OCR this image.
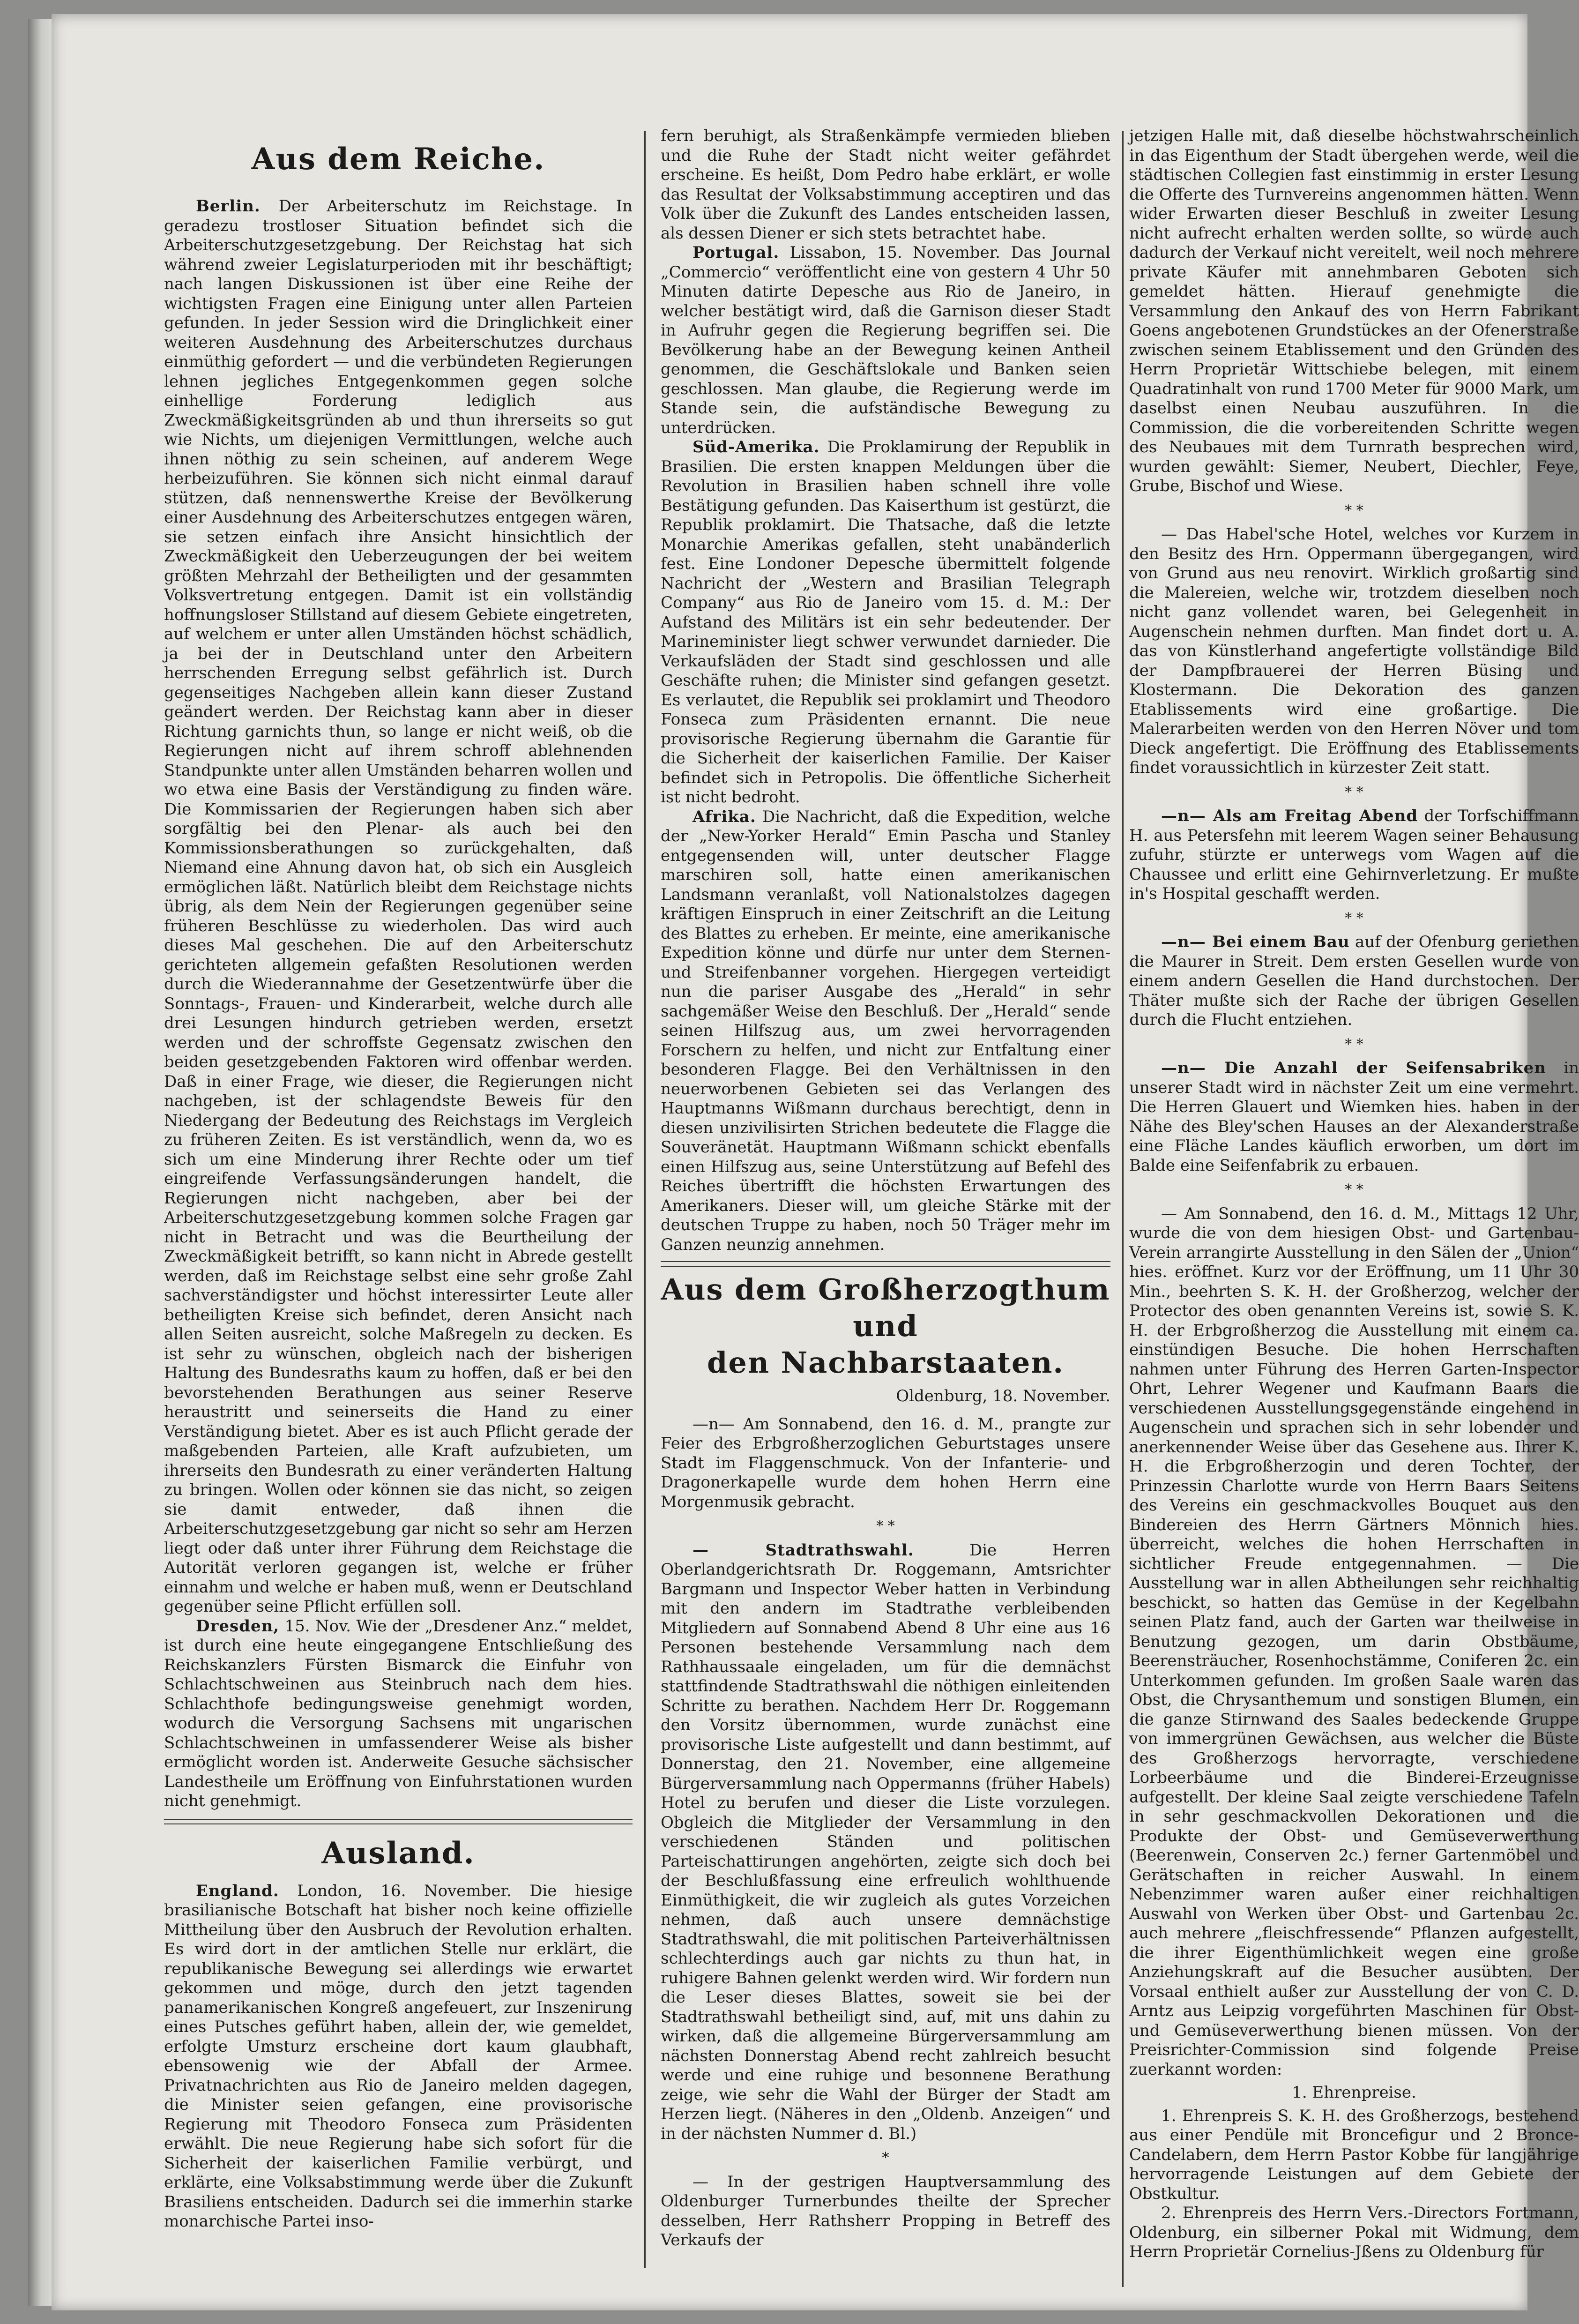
Aus dem Reiche.

Berlin. Der Arbeiterschutz im Reichstage. In geradezu trostloser Situation befindet sich die Arbeiterschutzgesetzgebung. Der Reichstag hat sich während zweier Legislaturperioden mit ihr beschäftigt; nach langen Diskussionen ist über eine Reihe der wichtigsten Fragen eine Einigung unter allen Parteien gefunden. In jeder Session wird die Dringlichkeit einer weiteren Ausdehnung des Arbeiterschutzes durchaus einmüthig gefordert — und die verbündeten Regierungen lehnen jegliches Entgegenkommen gegen solche einhellige Forderung lediglich aus Zweckmäßigkeitsgründen ab und thun ihrerseits so gut wie Nichts, um diejenigen Vermittlungen, welche auch ihnen nöthig zu sein scheinen, auf anderem Wege herbeizuführen. Sie können sich nicht einmal darauf stützen, daß nennenswerthe Kreise der Bevölkerung einer Ausdehnung des Arbeiterschutzes entgegen wären, sie setzen einfach ihre Ansicht hinsichtlich der Zweckmäßigkeit den Ueberzeugungen der bei weitem größten Mehrzahl der Betheiligten und der gesammten Volksvertretung entgegen. Damit ist ein vollständig hoffnungsloser Stillstand auf diesem Gebiete eingetreten, auf welchem er unter allen Umständen höchst schädlich, ja bei der in Deutschland unter den Arbeitern herrschenden Erregung selbst gefährlich ist. Durch gegenseitiges Nachgeben allein kann dieser Zustand geändert werden. Der Reichstag kann aber in dieser Richtung garnichts thun, so lange er nicht weiß, ob die Regierungen nicht auf ihrem schroff ablehnenden Standpunkte unter allen Umständen beharren wollen und wo etwa eine Basis der Verständigung zu finden wäre. Die Kommissarien der Regierungen haben sich aber sorgfältig bei den Plenar- als auch bei den Kommissionsberathungen so zurückgehalten, daß Niemand eine Ahnung davon hat, ob sich ein Ausgleich ermöglichen läßt. Natürlich bleibt dem Reichstage nichts übrig, als dem Nein der Regierungen gegenüber seine früheren Beschlüsse zu wiederholen. Das wird auch dieses Mal geschehen. Die auf den Arbeiterschutz gerichteten allgemein gefaßten Resolutionen werden durch die Wiederannahme der Gesetzentwürfe über die Sonntags-, Frauen- und Kinderarbeit, welche durch alle drei Lesungen hindurch getrieben werden, ersetzt werden und der schroffste Gegensatz zwischen den beiden gesetzgebenden Faktoren wird offenbar werden. Daß in einer Frage, wie dieser, die Regierungen nicht nachgeben, ist der schlagendste Beweis für den Niedergang der Bedeutung des Reichstags im Vergleich zu früheren Zeiten. Es ist verständlich, wenn da, wo es sich um eine Minderung ihrer Rechte oder um tief eingreifende Verfassungsänderungen handelt, die Regierungen nicht nachgeben, aber bei der Arbeiterschutzgesetzgebung kommen solche Fragen gar nicht in Betracht und was die Beurtheilung der Zweckmäßigkeit betrifft, so kann nicht in Abrede gestellt werden, daß im Reichstage selbst eine sehr große Zahl sachverständigster und höchst interessirter Leute aller betheiligten Kreise sich befindet, deren Ansicht nach allen Seiten ausreicht, solche Maßregeln zu decken. Es ist sehr zu wünschen, obgleich nach der bisherigen Haltung des Bundesraths kaum zu hoffen, daß er bei den bevorstehenden Berathungen aus seiner Reserve heraustritt und seinerseits die Hand zu einer Verständigung bietet. Aber es ist auch Pflicht gerade der maßgebenden Parteien, alle Kraft aufzubieten, um ihrerseits den Bundesrath zu einer veränderten Haltung zu bringen. Wollen oder können sie das nicht, so zeigen sie damit entweder, daß ihnen die Arbeiterschutzgesetzgebung gar nicht so sehr am Herzen liegt oder daß unter ihrer Führung dem Reichstage die Autorität verloren gegangen ist, welche er früher einnahm und welche er haben muß, wenn er Deutschland gegenüber seine Pflicht erfüllen soll.

Dresden, 15. Nov. Wie der „Dresdener Anz.“ meldet, ist durch eine heute eingegangene Entschließung des Reichskanzlers Fürsten Bismarck die Einfuhr von Schlachtschweinen aus Steinbruch nach dem hies. Schlachthofe bedingungsweise genehmigt worden, wodurch die Versorgung Sachsens mit ungarischen Schlachtschweinen in umfassenderer Weise als bisher ermöglicht worden ist. Anderweite Gesuche sächsischer Landestheile um Eröffnung von Einfuhrstationen wurden nicht genehmigt.

Ausland.

England. London, 16. November. Die hiesige brasilianische Botschaft hat bisher noch keine offizielle Mittheilung über den Ausbruch der Revolution erhalten. Es wird dort in der amtlichen Stelle nur erklärt, die republikanische Bewegung sei allerdings wie erwartet gekommen und möge, durch den jetzt tagenden panamerikanischen Kongreß angefeuert, zur Inszenirung eines Putsches geführt haben, allein der, wie gemeldet, erfolgte Umsturz erscheine dort kaum glaubhaft, ebensowenig wie der Abfall der Armee. Privatnachrichten aus Rio de Janeiro melden dagegen, die Minister seien gefangen, eine provisorische Regierung mit Theodoro Fonseca zum Präsidenten erwählt. Die neue Regierung habe sich sofort für die Sicherheit der kaiserlichen Familie verbürgt, und erklärte, eine Volksabstimmung werde über die Zukunft Brasiliens entscheiden. Dadurch sei die immerhin starke monarchische Partei inso-

fern beruhigt, als Straßenkämpfe vermieden blieben und die Ruhe der Stadt nicht weiter gefährdet erscheine. Es heißt, Dom Pedro habe erklärt, er wolle das Resultat der Volksabstimmung acceptiren und das Volk über die Zukunft des Landes entscheiden lassen, als dessen Diener er sich stets betrachtet habe.

Portugal. Lissabon, 15. November. Das Journal „Commercio“ veröffentlicht eine von gestern 4 Uhr 50 Minuten datirte Depesche aus Rio de Janeiro, in welcher bestätigt wird, daß die Garnison dieser Stadt in Aufruhr gegen die Regierung begriffen sei. Die Bevölkerung habe an der Bewegung keinen Antheil genommen, die Geschäftslokale und Banken seien geschlossen. Man glaube, die Regierung werde im Stande sein, die aufständische Bewegung zu unterdrücken.

Süd-Amerika. Die Proklamirung der Republik in Brasilien. Die ersten knappen Meldungen über die Revolution in Brasilien haben schnell ihre volle Bestätigung gefunden. Das Kaiserthum ist gestürzt, die Republik proklamirt. Die Thatsache, daß die letzte Monarchie Amerikas gefallen, steht unabänderlich fest. Eine Londoner Depesche übermittelt folgende Nachricht der „Western and Brasilian Telegraph Company“ aus Rio de Janeiro vom 15. d. M.: Der Aufstand des Militärs ist ein sehr bedeutender. Der Marineminister liegt schwer verwundet darnieder. Die Verkaufsläden der Stadt sind geschlossen und alle Geschäfte ruhen; die Minister sind gefangen gesetzt. Es verlautet, die Republik sei proklamirt und Theodoro Fonseca zum Präsidenten ernannt. Die neue provisorische Regierung übernahm die Garantie für die Sicherheit der kaiserlichen Familie. Der Kaiser befindet sich in Petropolis. Die öffentliche Sicherheit ist nicht bedroht.

Afrika. Die Nachricht, daß die Expedition, welche der „New-Yorker Herald“ Emin Pascha und Stanley entgegensenden will, unter deutscher Flagge marschiren soll, hatte einen amerikanischen Landsmann veranlaßt, voll Nationalstolzes dagegen kräftigen Einspruch in einer Zeitschrift an die Leitung des Blattes zu erheben. Er meinte, eine amerikanische Expedition könne und dürfe nur unter dem Sternen- und Streifenbanner vorgehen. Hiergegen verteidigt nun die pariser Ausgabe des „Herald“ in sehr sachgemäßer Weise den Beschluß. Der „Herald“ sende seinen Hilfszug aus, um zwei hervorragenden Forschern zu helfen, und nicht zur Entfaltung einer besonderen Flagge. Bei den Verhältnissen in den neuerworbenen Gebieten sei das Verlangen des Hauptmanns Wißmann durchaus berechtigt, denn in diesen unzivilisirten Strichen bedeutete die Flagge die Souveränetät. Hauptmann Wißmann schickt ebenfalls einen Hilfszug aus, seine Unterstützung auf Befehl des Reiches übertrifft die höchsten Erwartungen des Amerikaners. Dieser will, um gleiche Stärke mit der deutschen Truppe zu haben, noch 50 Träger mehr im Ganzen neunzig annehmen.

Aus dem Großherzogthum und
den Nachbarstaaten.
Oldenburg, 18. November.

—n— Am Sonnabend, den 16. d. M., prangte zur Feier des Erbgroßherzoglichen Geburtstages unsere Stadt im Flaggenschmuck. Von der Infanterie- und Dragonerkapelle wurde dem hohen Herrn eine Morgenmusik gebracht.

* *

— Stadtrathswahl.	Die Herren Oberlandgerichtsrath Dr. Roggemann, Amtsrichter Bargmann und Inspector Weber hatten in Verbindung mit den andern im Stadtrathe verbleibenden Mitgliedern auf Sonnabend Abend 8 Uhr eine aus 16 Personen bestehende Versammlung nach dem Rathhaussaale eingeladen, um für die demnächst stattfindende Stadtrathswahl die nöthigen einleitenden Schritte zu berathen. Nachdem Herr Dr. Roggemann den Vorsitz übernommen, wurde zunächst eine provisorische Liste aufgestellt und dann bestimmt, auf Donnerstag, den 21. November, eine allgemeine Bürgerversammlung nach Oppermanns (früher Habels) Hotel zu berufen und dieser die Liste vorzulegen. Obgleich die Mitglieder der Versammlung in den verschiedenen Ständen und politischen Parteischattirungen angehörten, zeigte sich doch bei der Beschlußfassung eine erfreulich wohlthuende Einmüthigkeit, die wir zugleich als gutes Vorzeichen nehmen, daß auch unsere demnächstige Stadtrathswahl, die mit politischen Parteiverhältnissen schlechterdings auch gar nichts zu thun hat, in ruhigere Bahnen gelenkt werden wird. Wir fordern nun die Leser dieses Blattes, soweit sie bei der Stadtrathswahl betheiligt sind, auf, mit uns dahin zu wirken, daß die allgemeine Bürgerversammlung am nächsten Donnerstag Abend recht zahlreich besucht werde und eine ruhige und besonnene Berathung zeige, wie sehr die Wahl der Bürger der Stadt am Herzen liegt. (Näheres in den „Oldenb. Anzeigen“ und in der nächsten Nummer d. Bl.)

*

— In der gestrigen Hauptversammlung des Oldenburger Turnerbundes theilte der Sprecher desselben, Herr Rathsherr Propping in Betreff des Verkaufs der

jetzigen Halle mit, daß dieselbe höchstwahrscheinlich in das Eigenthum der Stadt übergehen werde, weil die städtischen Collegien fast einstimmig in erster Lesung die Offerte des Turnvereins angenommen hätten. Wenn wider Erwarten dieser Beschluß in zweiter Lesung nicht aufrecht erhalten werden sollte, so würde auch dadurch der Verkauf nicht vereitelt, weil noch mehrere private Käufer mit annehmbaren Geboten sich gemeldet hätten. Hierauf genehmigte die Versammlung den Ankauf des von Herrn Fabrikant Goens angebotenen Grundstückes an der Ofenerstraße zwischen seinem Etablissement und den Gründen des Herrn Proprietär Wittschiebe belegen, mit einem Quadratinhalt von rund 1700 Meter für 9000 Mark, um daselbst einen Neubau auszuführen. In die Commission, die die vorbereitenden Schritte wegen des Neubaues mit dem Turnrath besprechen wird, wurden gewählt: Siemer, Neubert, Diechler, Feye, Grube, Bischof und Wiese.

* *

— Das Habel'sche Hotel, welches vor Kurzem in den Besitz des Hrn. Oppermann übergegangen, wird von Grund aus neu renovirt. Wirklich großartig sind die Malereien, welche wir, trotzdem dieselben noch nicht ganz vollendet waren, bei Gelegenheit in Augenschein nehmen durften. Man findet dort u. A. das von Künstlerhand angefertigte vollständige Bild der Dampfbrauerei der Herren Büsing und Klostermann. Die Dekoration des ganzen Etablissements wird eine großartige. Die Malerarbeiten werden von den Herren Növer und tom Dieck angefertigt. Die Eröffnung des Etablissements findet voraussichtlich in kürzester Zeit statt.

* *

—n— Als am Freitag Abend der Torfschiffmann H. aus Petersfehn mit leerem Wagen seiner Behausung zufuhr, stürzte er unterwegs vom Wagen auf die Chaussee und erlitt eine Gehirnverletzung. Er mußte in's Hospital geschafft werden.

* *

—n— Bei einem Bau auf der Ofenburg geriethen die Maurer in Streit. Dem ersten Gesellen wurde von einem andern Gesellen die Hand durchstochen. Der Thäter mußte sich der Rache der übrigen Gesellen durch die Flucht entziehen.

* *

—n— Die Anzahl der Seifensabriken in unserer Stadt wird in nächster Zeit um eine vermehrt. Die Herren Glauert und Wiemken hies. haben in der Nähe des Bley'schen Hauses an der Alexanderstraße eine Fläche Landes käuflich erworben, um dort im Balde eine Seifenfabrik zu erbauen.

* *

— Am Sonnabend, den 16. d. M., Mittags 12 Uhr, wurde die von dem hiesigen Obst- und Gartenbau-Verein arrangirte Ausstellung in den Sälen der „Union“ hies. eröffnet. Kurz vor der Eröffnung, um 11 Uhr 30 Min., beehrten S. K. H. der Großherzog, welcher der Protector des oben genannten Vereins ist, sowie S. K. H. der Erbgroßherzog die Ausstellung mit einem ca. einstündigen Besuche. Die hohen Herrschaften nahmen unter Führung des Herren Garten-Inspector Ohrt, Lehrer Wegener und Kaufmann Baars die verschiedenen Ausstellungsgegenstände eingehend in Augenschein und sprachen sich in sehr lobender und anerkennender Weise über das Gesehene aus. Ihrer K. H. die Erbgroßherzogin und deren Tochter, der Prinzessin Charlotte wurde von Herrn Baars Seitens des Vereins ein geschmackvolles Bouquet aus den Bindereien des Herrn Gärtners Mönnich hies. überreicht, welches die hohen Herrschaften in sichtlicher Freude entgegennahmen. — Die Ausstellung war in allen Abtheilungen sehr reichhaltig beschickt, so hatten das Gemüse in der Kegelbahn seinen Platz fand, auch der Garten war theilweise in Benutzung gezogen, um darin Obstbäume, Beerensträucher, Rosenhochstämme, Coniferen 2c. ein Unterkommen gefunden. Im großen Saale waren das Obst, die Chrysanthemum und sonstigen Blumen, ein die ganze Stirnwand des Saales bedeckende Gruppe von immergrünen Gewächsen, aus welcher die Büste des Großherzogs hervorragte, verschiedene Lorbeerbäume und die Binderei-Erzeugnisse aufgestellt. Der kleine Saal zeigte verschiedene Tafeln in sehr geschmackvollen Dekorationen und die Produkte der Obst- und Gemüseverwerthung (Beerenwein, Conserven 2c.) ferner Gartenmöbel und Gerätschaften in reicher Auswahl. In einem Nebenzimmer waren außer einer reichhaltigen Auswahl von Werken über Obst- und Gartenbau 2c. auch mehrere „fleischfressende“ Pflanzen aufgestellt, die ihrer Eigenthümlichkeit wegen eine große Anziehungskraft auf die Besucher ausübten. Der Vorsaal enthielt außer zur Ausstellung der von C. D. Arntz aus Leipzig vorgeführten Maschinen für Obst- und Gemüseverwerthung bienen müssen. Von der Preisrichter-Commission sind folgende Preise zuerkannt worden:

1. Ehrenpreise.

1. Ehrenpreis S. K. H. des Großherzogs, bestehend aus einer Pendüle mit Broncefigur und 2 Bronce-Candelabern, dem Herrn Pastor Kobbe für langjährige hervorragende Leistungen auf dem Gebiete der Obstkultur.

2. Ehrenpreis des Herrn Vers.-Directors Fortmann, Oldenburg, ein silberner Pokal mit Widmung, dem Herrn Proprietär Cornelius-Jßens zu Oldenburg für
